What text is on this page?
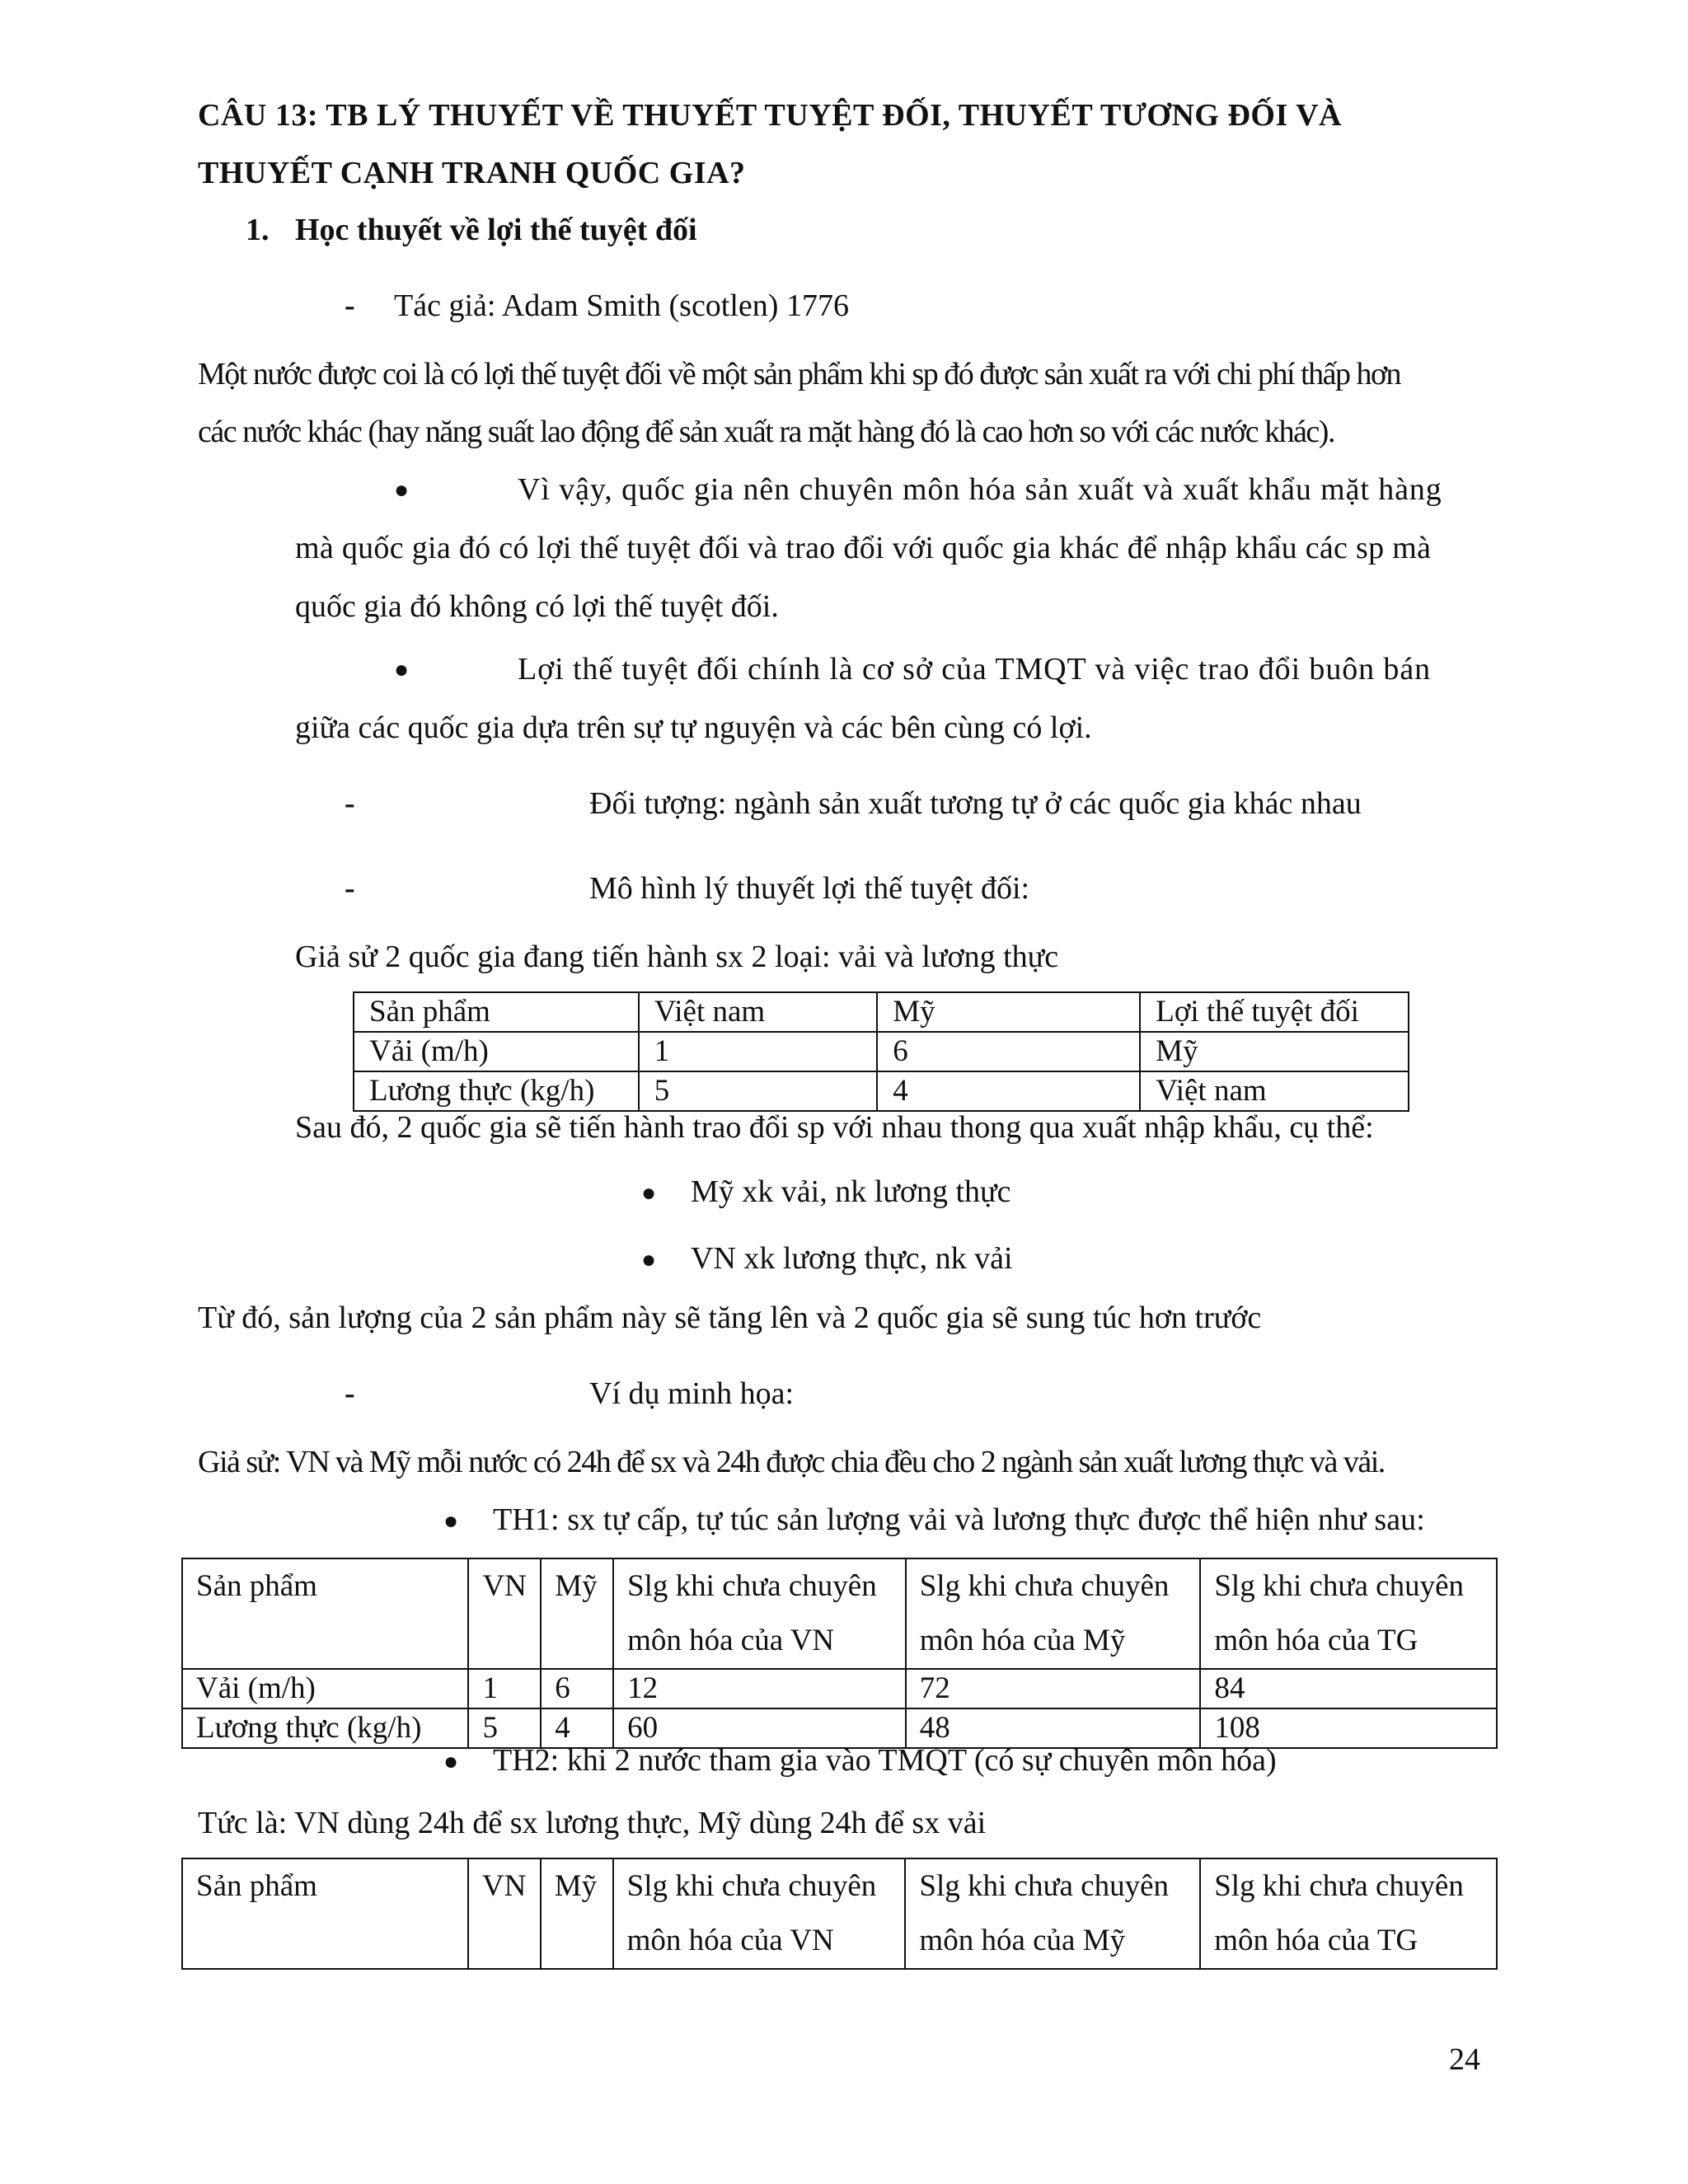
CÂU 13: TB LÝ THUYẾT VỀ THUYẾT TUYỆT ĐỐI, THUYẾT TƯƠNG ĐỐI VÀ
THUYẾT CẠNH TRANH QUỐC GIA?
1. Học thuyết về lợi thế tuyệt đối
- Tác giả: Adam Smith (scotlen) 1776
Một nước được coi là có lợi thế tuyệt đối về một sản phẩm khi sp đó được sản xuất ra với chi phí thấp hơn
các nước khác (hay năng suất lao động để sản xuất ra mặt hàng đó là cao hơn so với các nước khác).
●	Vì vậy, quốc gia nên chuyên môn hóa sản xuất và xuất khẩu mặt hàng
mà quốc gia đó có lợi thế tuyệt đối và trao đổi với quốc gia khác để nhập khẩu các sp mà
quốc gia đó không có lợi thế tuyệt đối.
●	Lợi thế tuyệt đối chính là cơ sở của TMQT và việc trao đổi buôn bán
giữa các quốc gia dựa trên sự tự nguyện và các bên cùng có lợi.
-	Đối tượng: ngành sản xuất tương tự ở các quốc gia khác nhau
-	Mô hình lý thuyết lợi thế tuyệt đối:
Giả sử 2 quốc gia đang tiến hành sx 2 loại: vải và lương thực
Sản phẩm	Việt nam	Mỹ	Lợi thế tuyệt đối
Vải (m/h)	1	6	Mỹ
Lương thực (kg/h)	5	4	Việt nam
Sau đó, 2 quốc gia sẽ tiến hành trao đổi sp với nhau thong qua xuất nhập khẩu, cụ thể:
● Mỹ xk vải, nk lương thực
● VN xk lương thực, nk vải
Từ đó, sản lượng của 2 sản phẩm này sẽ tăng lên và 2 quốc gia sẽ sung túc hơn trước
-	Ví dụ minh họa:
Giả sử: VN và Mỹ mỗi nước có 24h để sx và 24h được chia đều cho 2 ngành sản xuất lương thực và vải.
● TH1: sx tự cấp, tự túc sản lượng vải và lương thực được thể hiện như sau:
Sản phẩm	VN	Mỹ	Slg khi chưa chuyên
môn hóa của VN	Slg khi chưa chuyên
môn hóa của Mỹ	Slg khi chưa chuyên
môn hóa của TG
Vải (m/h)	1	6	12	72	84
Lương thực (kg/h)	5	4	60	48	108
● TH2: khi 2 nước tham gia vào TMQT (có sự chuyên môn hóa)
Tức là: VN dùng 24h để sx lương thực, Mỹ dùng 24h để sx vải
Sản phẩm	VN	Mỹ	Slg khi chưa chuyên
môn hóa của VN	Slg khi chưa chuyên
môn hóa của Mỹ	Slg khi chưa chuyên
môn hóa của TG
24
